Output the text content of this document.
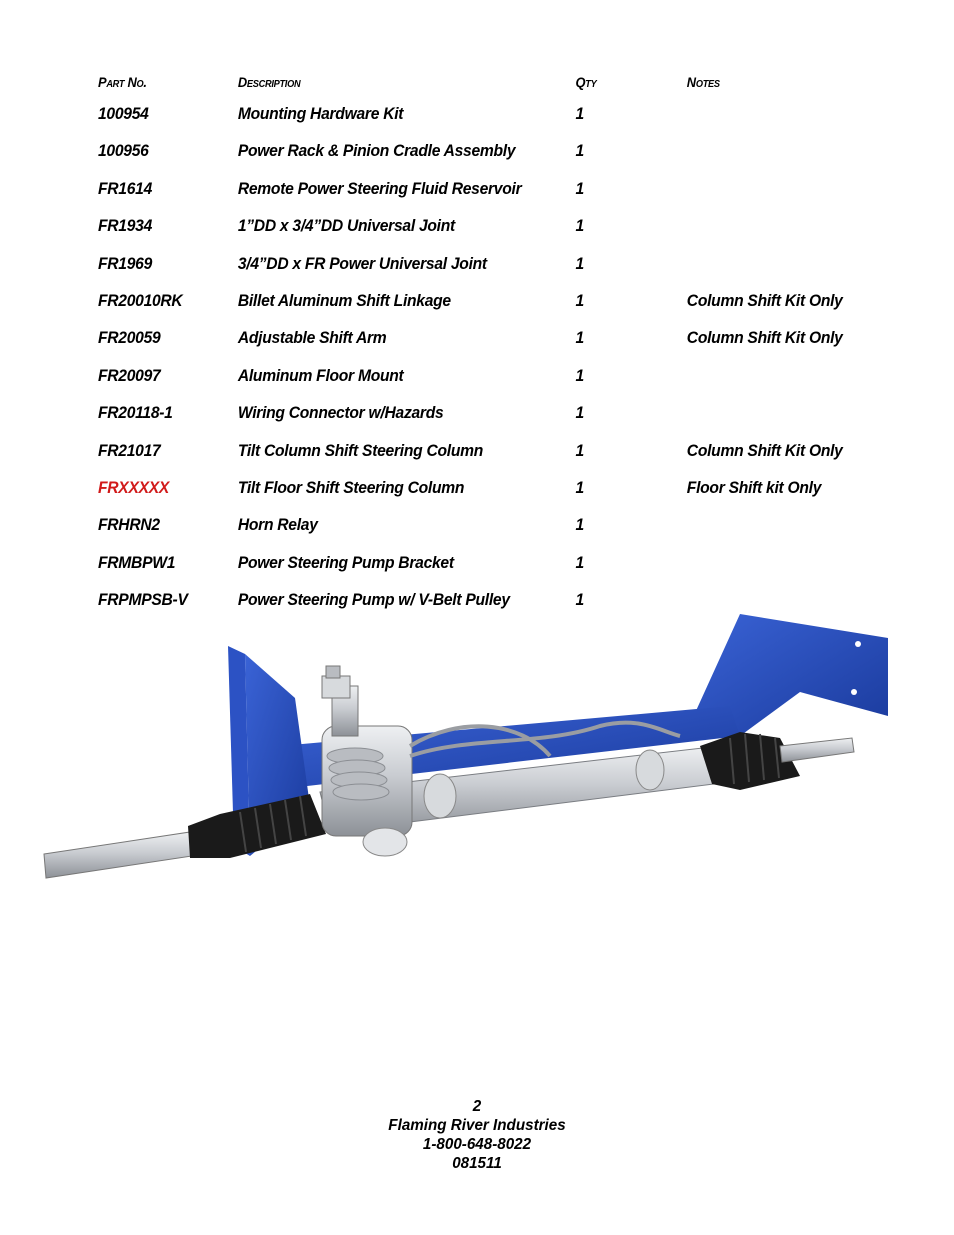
Part No.	Description	Qty	Notes
100954	Mounting Hardware Kit	1
100956	Power Rack & Pinion Cradle Assembly	1
FR1614	Remote Power Steering Fluid Reservoir	1
FR1934	1”DD x 3/4”DD Universal Joint	1
FR1969	3/4”DD x FR Power Universal Joint	1
FR20010RK	Billet Aluminum Shift Linkage	1	Column Shift Kit Only
FR20059	Adjustable Shift Arm	1	Column Shift Kit Only
FR20097	Aluminum Floor Mount	1
FR20118-1	Wiring Connector w/Hazards	1
FR21017	Tilt Column Shift Steering Column	1	Column Shift Kit Only
FRXXXXX	Tilt Floor Shift Steering Column	1	Floor Shift kit Only
FRHRN2	Horn Relay	1
FRMBPW1	Power Steering Pump Bracket	1
FRPMPSB-V	Power Steering Pump w/ V-Belt Pulley	1
2
Flaming River Industries
1-800-648-8022
081511
